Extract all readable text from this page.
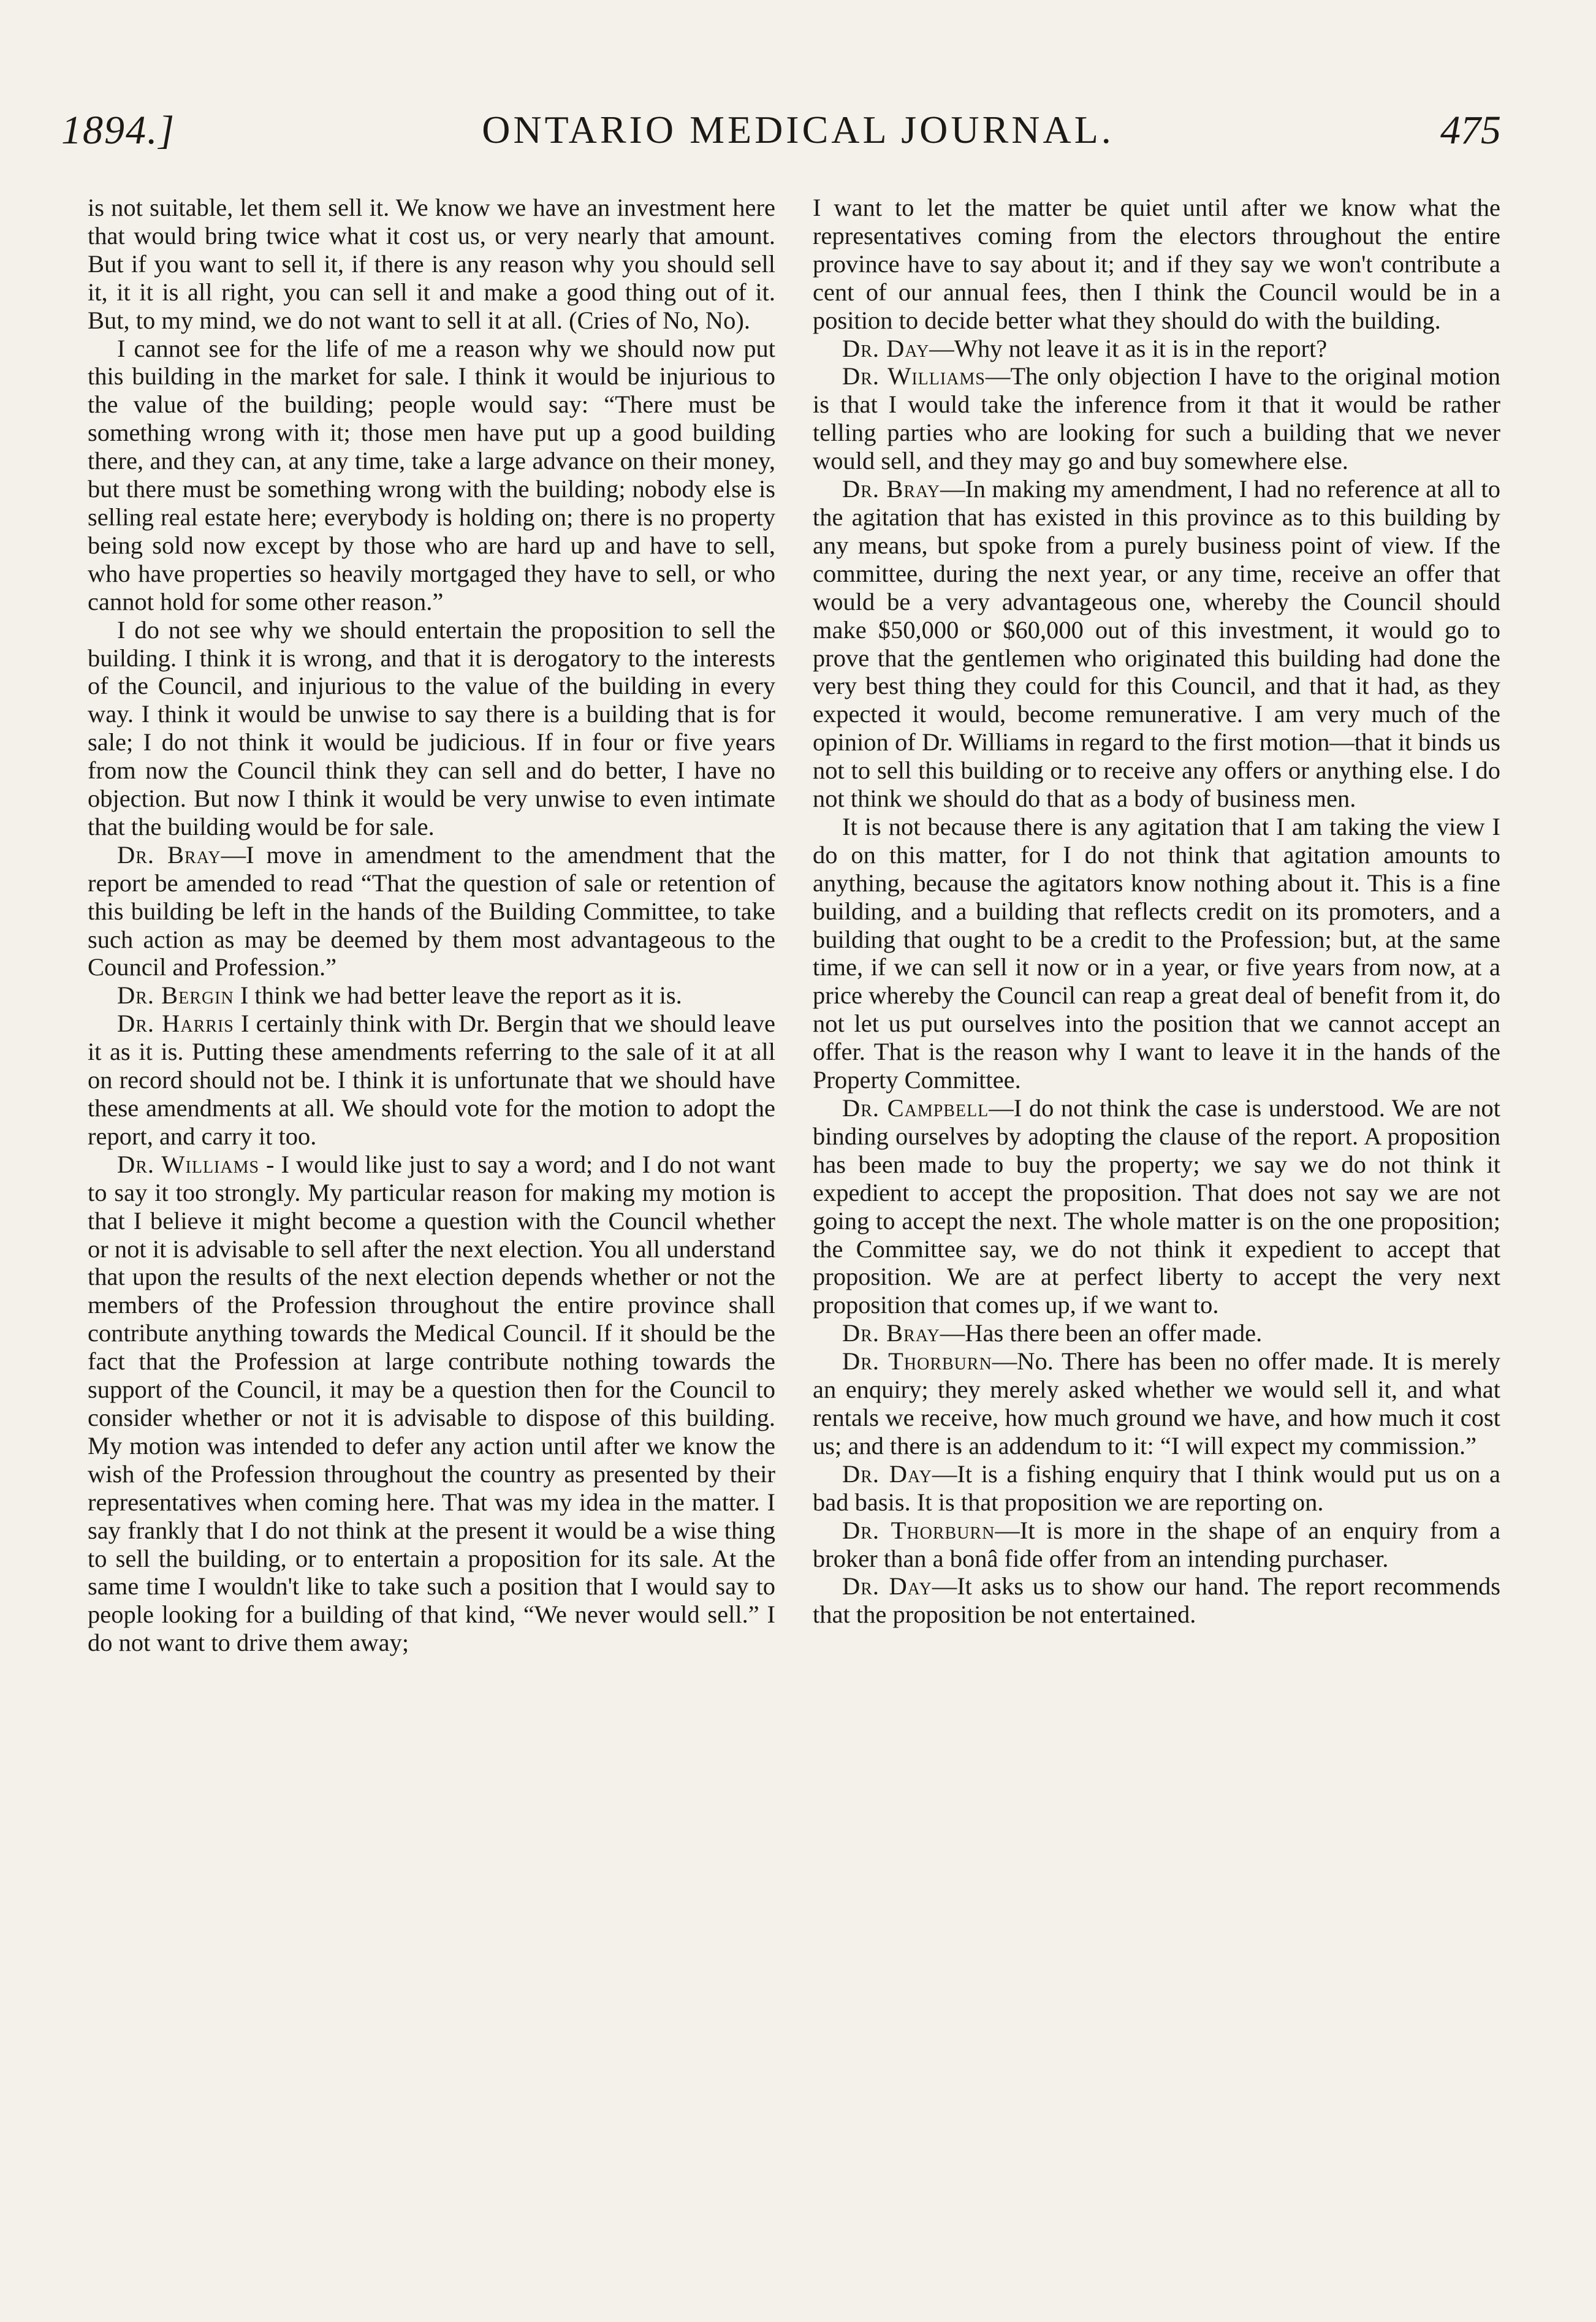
1894.]	ONTARIO MEDICAL JOURNAL.	475

is not suitable, let them sell it. We know we have an investment here that would bring twice what it cost us, or very nearly that amount. But if you want to sell it, if there is any reason why you should sell it, it it is all right, you can sell it and make a good thing out of it. But, to my mind, we do not want to sell it at all. (Cries of No, No).

I cannot see for the life of me a reason why we should now put this building in the market for sale. I think it would be injurious to the value of the building; people would say: “There must be something wrong with it; those men have put up a good building there, and they can, at any time, take a large advance on their money, but there must be something wrong with the building; nobody else is selling real estate here; everybody is holding on; there is no property being sold now except by those who are hard up and have to sell, who have properties so heavily mortgaged they have to sell, or who cannot hold for some other reason.”

I do not see why we should entertain the proposition to sell the building. I think it is wrong, and that it is derogatory to the interests of the Council, and injurious to the value of the building in every way. I think it would be unwise to say there is a building that is for sale; I do not think it would be judicious. If in four or five years from now the Council think they can sell and do better, I have no objection. But now I think it would be very unwise to even intimate that the building would be for sale.

Dr. Bray—I move in amendment to the amendment that the report be amended to read “That the question of sale or retention of this building be left in the hands of the Building Committee, to take such action as may be deemed by them most advantageous to the Council and Profession.”

Dr. Bergin I think we had better leave the report as it is.

Dr. Harris I certainly think with Dr. Bergin that we should leave it as it is. Putting these amendments referring to the sale of it at all on record should not be. I think it is unfortunate that we should have these amendments at all. We should vote for the motion to adopt the report, and carry it too.

Dr. Williams - I would like just to say a word; and I do not want to say it too strongly. My particular reason for making my motion is that I believe it might become a question with the Council whether or not it is advisable to sell after the next election. You all understand that upon the results of the next election depends whether or not the members of the Profession throughout the entire province shall contribute anything towards the Medical Council. If it should be the fact that the Profession at large contribute nothing towards the support of the Council, it may be a question then for the Council to consider whether or not it is advisable to dispose of this building. My motion was intended to defer any action until after we know the wish of the Profession throughout the country as presented by their representatives when coming here. That was my idea in the matter. I say frankly that I do not think at the present it would be a wise thing to sell the building, or to entertain a proposition for its sale. At the same time I wouldn't like to take such a position that I would say to people looking for a building of that kind, “We never would sell.” I do not want to drive them away;

I want to let the matter be quiet until after we know what the representatives coming from the electors throughout the entire province have to say about it; and if they say we won't contribute a cent of our annual fees, then I think the Council would be in a position to decide better what they should do with the building.

Dr. Day—Why not leave it as it is in the report?

Dr. Williams—The only objection I have to the original motion is that I would take the inference from it that it would be rather telling parties who are looking for such a building that we never would sell, and they may go and buy somewhere else.

Dr. Bray—In making my amendment, I had no reference at all to the agitation that has existed in this province as to this building by any means, but spoke from a purely business point of view. If the committee, during the next year, or any time, receive an offer that would be a very advantageous one, whereby the Council should make $50,000 or $60,000 out of this investment, it would go to prove that the gentlemen who originated this building had done the very best thing they could for this Council, and that it had, as they expected it would, become remunerative. I am very much of the opinion of Dr. Williams in regard to the first motion—that it binds us not to sell this building or to receive any offers or anything else. I do not think we should do that as a body of business men.

It is not because there is any agitation that I am taking the view I do on this matter, for I do not think that agitation amounts to anything, because the agitators know nothing about it. This is a fine building, and a building that reflects credit on its promoters, and a building that ought to be a credit to the Profession; but, at the same time, if we can sell it now or in a year, or five years from now, at a price whereby the Council can reap a great deal of benefit from it, do not let us put ourselves into the position that we cannot accept an offer. That is the reason why I want to leave it in the hands of the Property Committee.

Dr. Campbell—I do not think the case is understood. We are not binding ourselves by adopting the clause of the report. A proposition has been made to buy the property; we say we do not think it expedient to accept the proposition. That does not say we are not going to accept the next. The whole matter is on the one proposition; the Committee say, we do not think it expedient to accept that proposition. We are at perfect liberty to accept the very next proposition that comes up, if we want to.

Dr. Bray—Has there been an offer made.

Dr. Thorburn—No. There has been no offer made. It is merely an enquiry; they merely asked whether we would sell it, and what rentals we receive, how much ground we have, and how much it cost us; and there is an addendum to it: “I will expect my commission.”

Dr. Day—It is a fishing enquiry that I think would put us on a bad basis. It is that proposition we are reporting on.

Dr. Thorburn—It is more in the shape of an enquiry from a broker than a bonâ fide offer from an intending purchaser.

Dr. Day—It asks us to show our hand. The report recommends that the proposition be not entertained.
